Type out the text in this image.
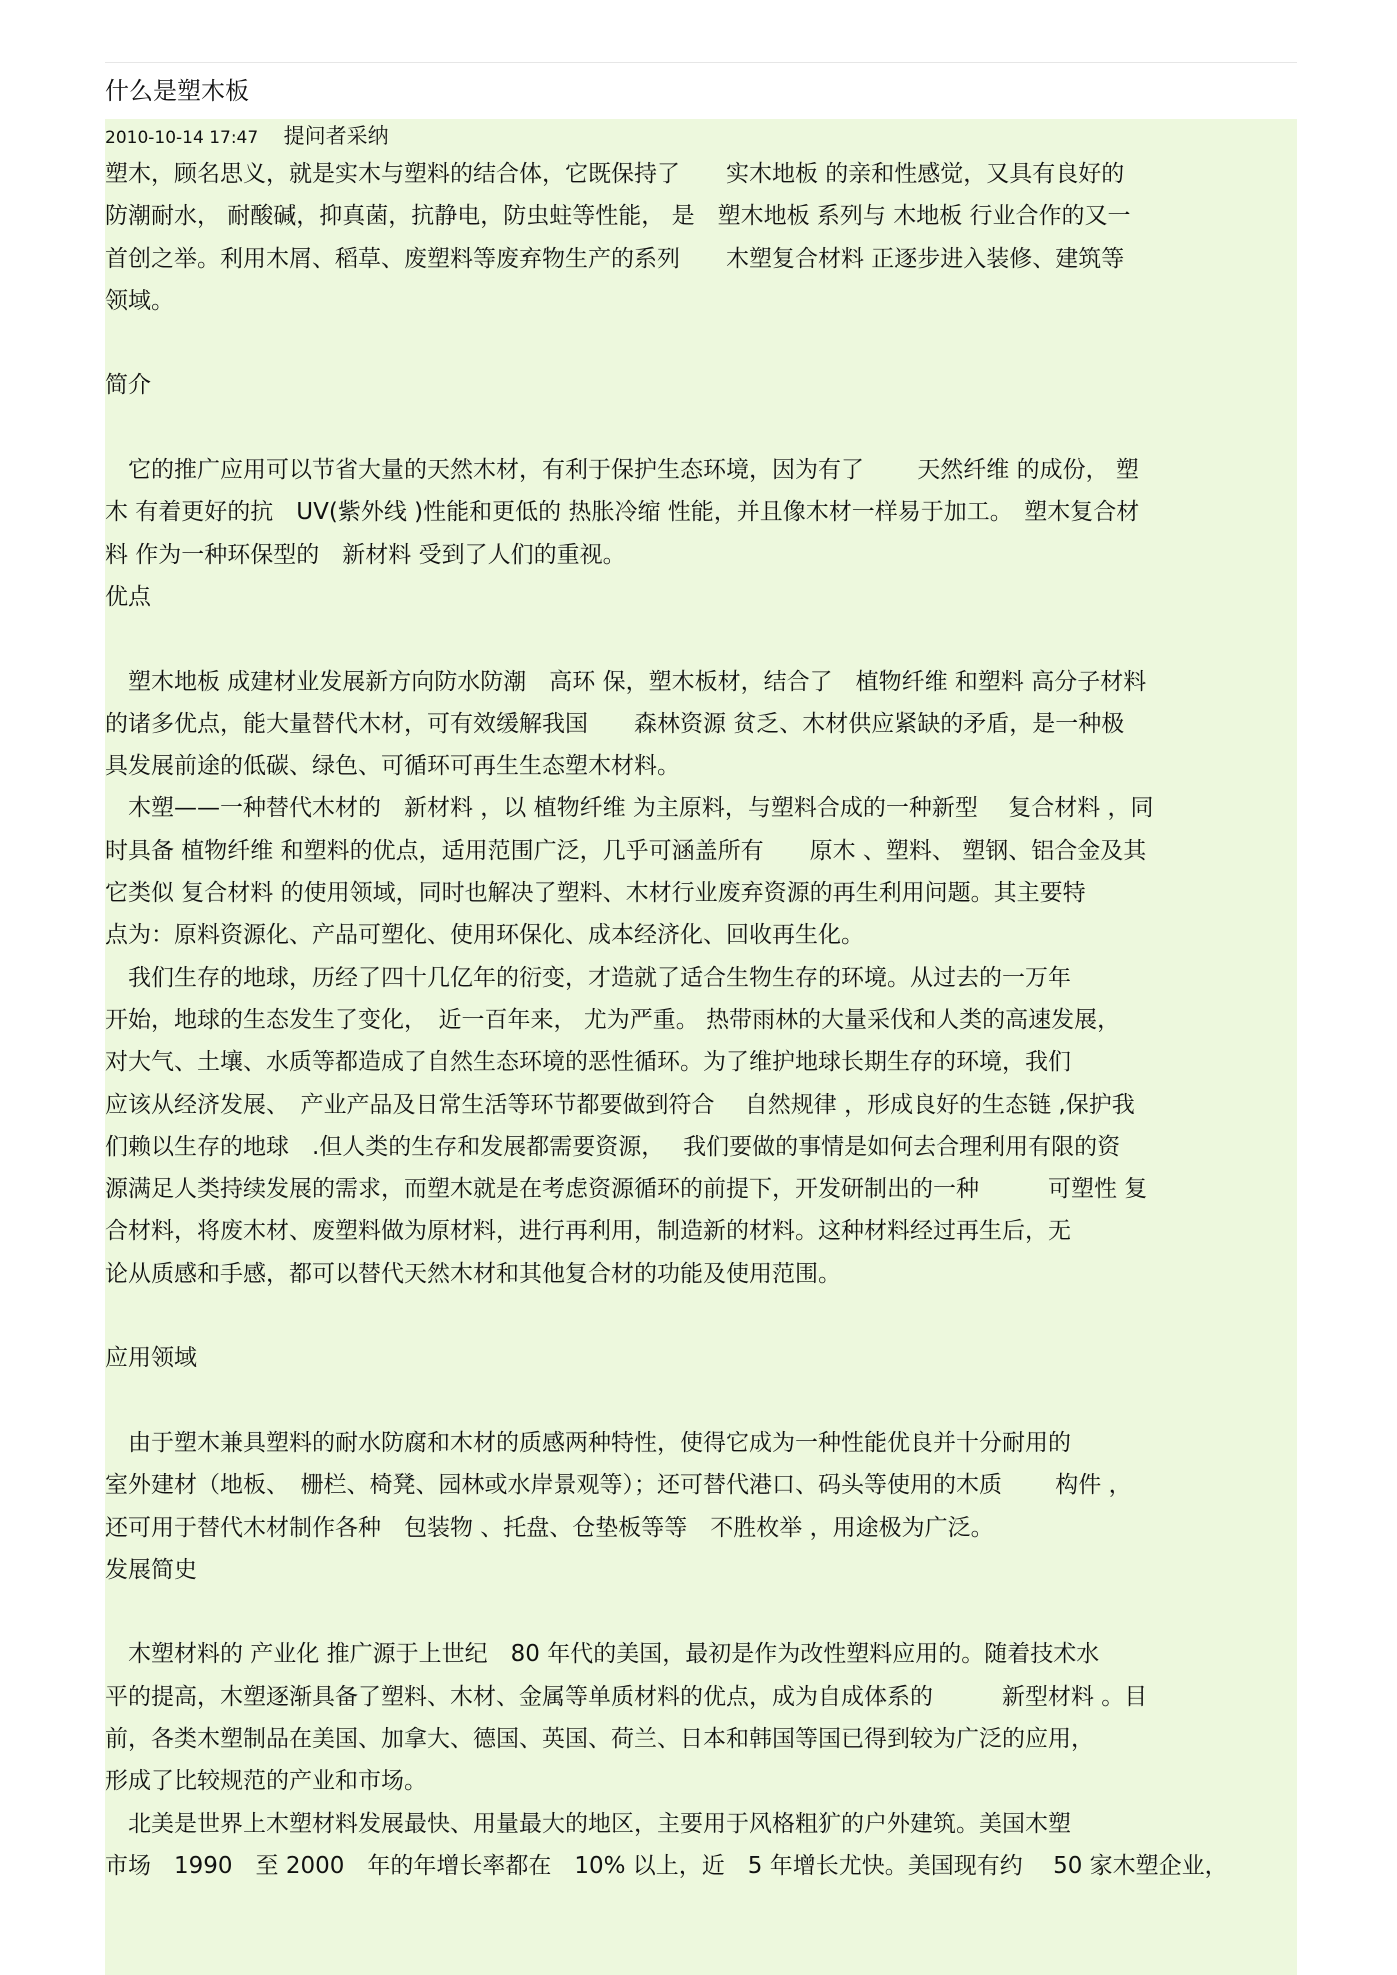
什么是塑木板
2010-10-14 17:47 提问者采纳
塑木，顾名思义，就是实木与塑料的结合体，它既保持了　　实木地板 的亲和性感觉，又具有良好的
防潮耐水， 耐酸碱，抑真菌，抗静电，防虫蛀等性能， 是　塑木地板 系列与 木地板 行业合作的又一
首创之举。利用木屑、稻草、废塑料等废弃物生产的系列　　木塑复合材料 正逐步进入装修、建筑等
领域。
简介
　它的推广应用可以节省大量的天然木材，有利于保护生态环境，因为有了　　 天然纤维 的成份， 塑
木 有着更好的抗　UV(紫外线 )性能和更低的 热胀冷缩 性能，并且像木材一样易于加工。　塑木复合材
料 作为一种环保型的　新材料 受到了人们的重视。
优点
　塑木地板 成建材业发展新方向防水防潮　高环 保，塑木板材，结合了　植物纤维 和塑料 高分子材料
的诸多优点，能大量替代木材，可有效缓解我国　　森林资源 贫乏、木材供应紧缺的矛盾，是一种极
具发展前途的低碳、绿色、可循环可再生生态塑木材料。
　木塑——一种替代木材的　新材料 ，以 植物纤维 为主原料，与塑料合成的一种新型　 复合材料 ，同
时具备 植物纤维 和塑料的优点，适用范围广泛，几乎可涵盖所有　　原木 、塑料、 塑钢、铝合金及其
它类似 复合材料 的使用领域，同时也解决了塑料、木材行业废弃资源的再生利用问题。其主要特
点为：原料资源化、产品可塑化、使用环保化、成本经济化、回收再生化。
　我们生存的地球，历经了四十几亿年的衍变，才造就了适合生物生存的环境。从过去的一万年
开始，地球的生态发生了变化，　近一百年来， 尤为严重。 热带雨林的大量采伐和人类的高速发展，
对大气、土壤、水质等都造成了自然生态环境的恶性循环。为了维护地球长期生存的环境，我们
应该从经济发展、　产业产品及日常生活等环节都要做到符合　 自然规律 ，形成良好的生态链 ,保护我
们赖以生存的地球　.但人类的生存和发展都需要资源，　 我们要做的事情是如何去合理利用有限的资
源满足人类持续发展的需求，而塑木就是在考虑资源循环的前提下，开发研制出的一种　　　可塑性 复
合材料，将废木材、废塑料做为原材料，进行再利用，制造新的材料。这种材料经过再生后，无
论从质感和手感，都可以替代天然木材和其他复合材的功能及使用范围。
应用领域
　由于塑木兼具塑料的耐水防腐和木材的质感两种特性，使得它成为一种性能优良并十分耐用的
室外建材（地板、　栅栏、椅凳、园林或水岸景观等）；还可替代港口、码头等使用的木质　　 构件 ，
还可用于替代木材制作各种　包装物 、托盘、仓垫板等等　不胜枚举 ，用途极为广泛。
发展简史
　木塑材料的 产业化 推广源于上世纪　80 年代的美国，最初是作为改性塑料应用的。随着技术水
平的提高，木塑逐渐具备了塑料、木材、金属等单质材料的优点，成为自成体系的　　　新型材料 。目
前，各类木塑制品在美国、加拿大、德国、英国、荷兰、日本和韩国等国已得到较为广泛的应用，
形成了比较规范的产业和市场。
　北美是世界上木塑材料发展最快、用量最大的地区，主要用于风格粗犷的户外建筑。美国木塑
市场　1990　至 2000　年的年增长率都在　10% 以上，近　5 年增长尤快。美国现有约　 50 家木塑企业，
